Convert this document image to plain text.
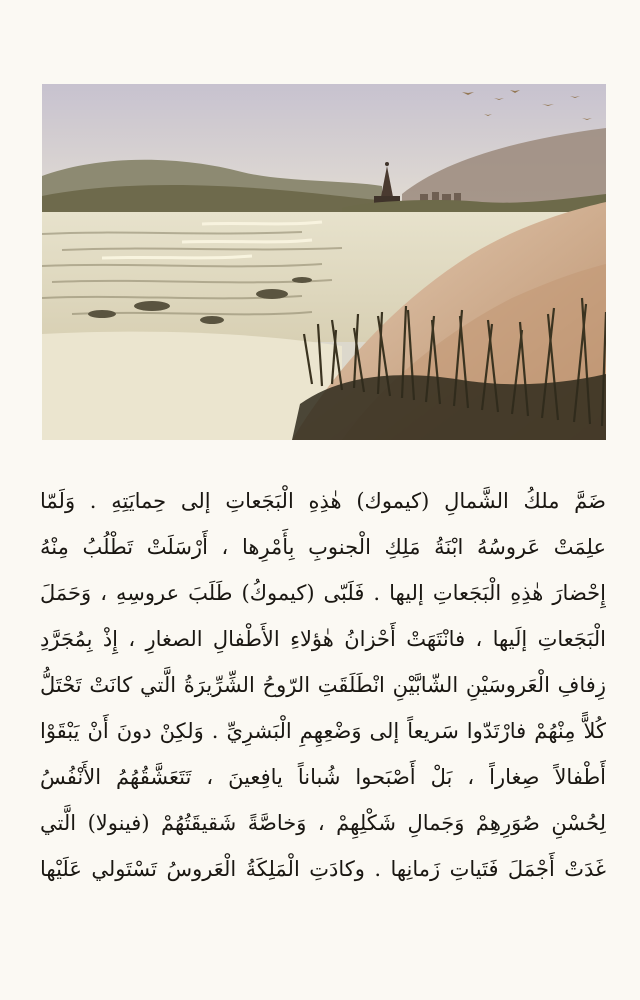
ضَمَّ ملكُ الشَّمالِ (كيموك) هٰذِهِ الْبَجَعاتِ إلى حِمايَتِهِ . وَلَمّا
علِمَتْ عَروسُهُ ابْنَةُ مَلِكِ الْجنوبِ بِأَمْرِها ، أَرْسَلَتْ تَطْلُبُ مِنْهُ
إِحْضارَ هٰذِهِ الْبَجَعاتِ إليها . فَلَبّى (كيموكُ) طَلَبَ عروسِهِ ، وَحَمَلَ
الْبَجَعاتِ إلَيها ، فانْتَهَتْ أَحْزانُ هٰؤلاءِ الأَطْفالِ الصغارِ ، إِذْ بِمُجَرَّدِ
زِفافِ الْعَروسَيْنِ الشّابَّيْنِ انْطَلَقَتِ الرّوحُ الشِّرِّيرَةُ الَّتي كانَتْ تَحْتَلُّ
كُلاًّ مِنْهُمْ فارْتَدّوا سَريعاً إلى وَضْعِهِمِ الْبَشرِيِّ . وَلكِنْ دونَ أَنْ يَبْقَوْا
أَطْفالاً صِغاراً ، بَلْ أَصْبَحوا شُباناً يافِعينَ ، تَتَعَشَّقُهُمُ الأَنْفُسُ
لِحُسْنِ صُوَرِهِمْ وَجَمالِ شَكْلِهِمْ ، وَخاصَّةً شَقيقَتُهُمْ (فينولا) الَّتي
غَدَتْ أَجْمَلَ فَتَياتِ زَمانِها . وكادَتِ الْمَلِكَةُ الْعَروسُ تَسْتَولي عَلَيْها
